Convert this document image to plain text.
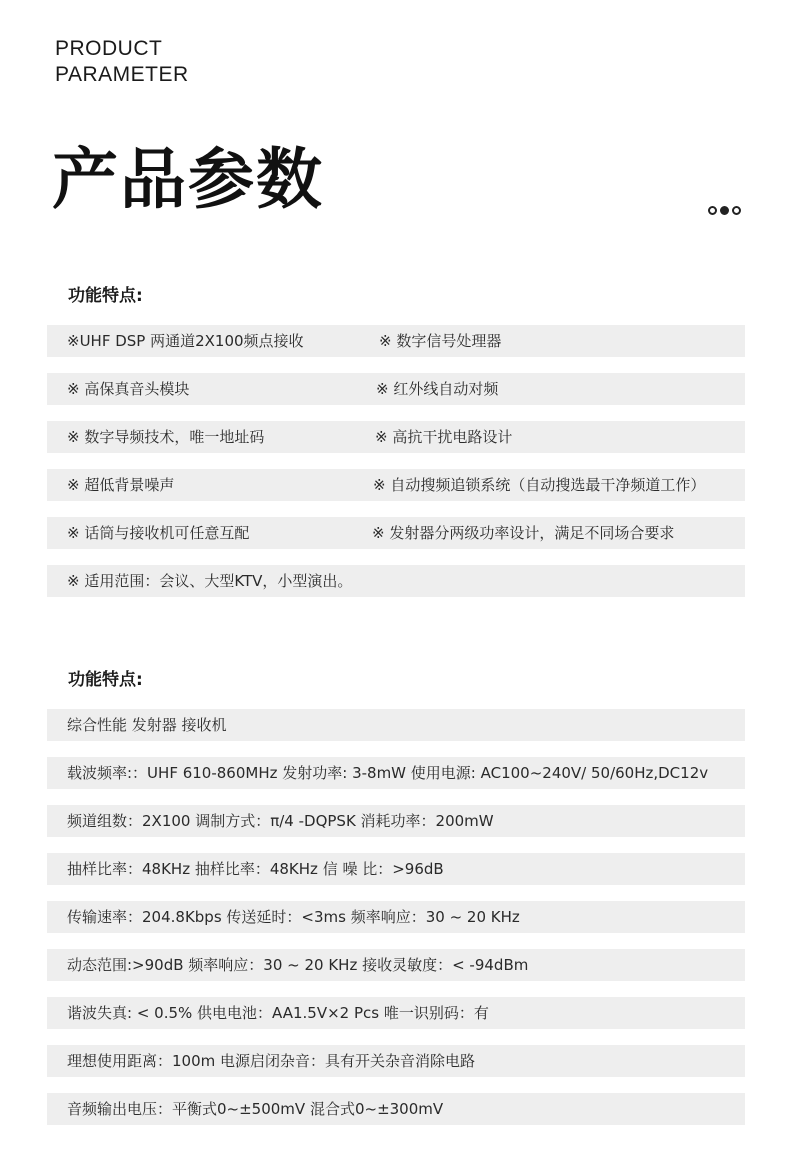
PRODUCT
PARAMETER
产品参数
功能特点:
※UHF DSP 两通道2X100频点接收	※ 数字信号处理器
※ 高保真音头模块	※ 红外线自动对频
※ 数字导频技术，唯一地址码	※ 高抗干扰电路设计
※ 超低背景噪声	※ 自动搜频追锁系统（自动搜选最干净频道工作）
※ 话筒与接收机可任意互配	※ 发射器分两级功率设计，满足不同场合要求
※ 适用范围：会议、大型KTV，小型演出。
功能特点:
综合性能 发射器 接收机
载波频率:：UHF 610-860MHz 发射功率: 3-8mW 使用电源: AC100~240V/ 50/60Hz,DC12v
频道组数：2X100 调制方式：π/4 -DQPSK 消耗功率：200mW
抽样比率：48KHz 抽样比率：48KHz 信 噪 比：>96dB
传输速率：204.8Kbps 传送延时：<3ms 频率响应：30 ~ 20 KHz
动态范围:>90dB 频率响应：30 ~ 20 KHz 接收灵敏度：< -94dBm
谐波失真: < 0.5% 供电电池：AA1.5V×2 Pcs 唯一识别码：有
理想使用距离：100m 电源启闭杂音：具有开关杂音消除电路
音频输出电压：平衡式0~±500mV 混合式0~±300mV
